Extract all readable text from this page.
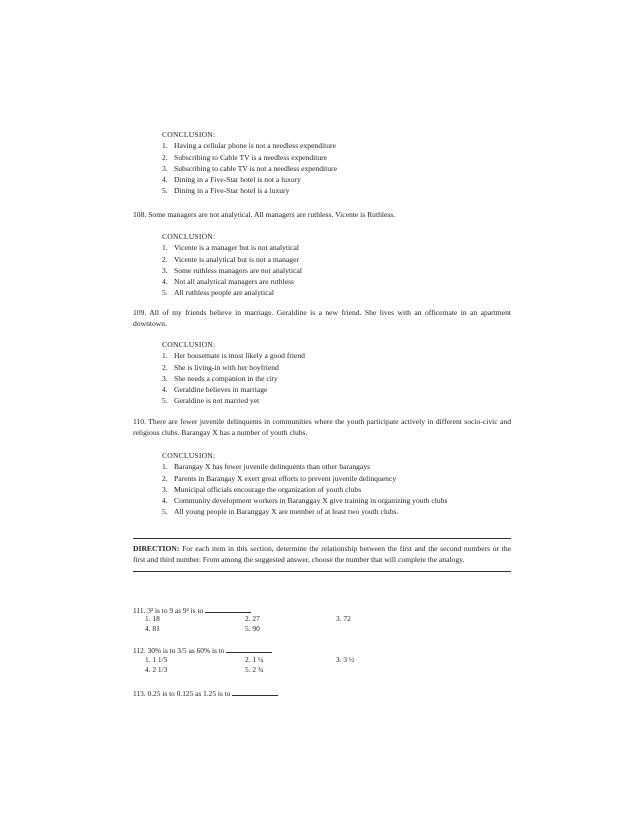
CONCLUSION:
1. Having a cellular phone is not a needless expenditure
2. Subscribing to Cable TV is a needless expenditure
3. Subscribing to cable TV is not a needless expenditure
4. Dining in a Five-Star hotel is not a luxury
5. Dining in a Five-Star hotel is a luxury
108. Some managers are not analytical. All managers are ruthless. Vicente is Ruthless.
CONCLUSION:
1. Vicente is a manager but is not analytical
2. Vicente is analytical but is not a manager
3. Some ruthless managers are not analytical
4. Not all analytical managers are ruthless
5. All ruthless people are analytical
109. All of my friends believe in marriage. Geraldine is a new friend. She lives with an officemate in an apartment downtown.
CONCLUSION:
1. Her housemate is most likely a good friend
2. She is living-in with her boyfriend
3. She needs a companion in the city
4. Geraldine believes in marriage
5. Geraldine is not married yet
110. There are fewer juvenile delinquents in communities where the youth participate actively in different socio-civic and religious clubs. Barangay X has a number of youth clubs.
CONCLUSION:
1. Barangay X has fewer juvenile delinquents than other barangays
2. Parents in Barangay X exert great efforts to prevent juvenile delinquency
3. Municipal officials encourage the organization of youth clubs
4. Community development workers in Baranggay X give training in organizing youth clubs
5. All young people in Baranggay X are member of at least two youth clubs.
DIRECTION: For each item in this section, determine the relationship between the first and the second numbers or the first and third number. From among the suggested answer, choose the number that will complete the analogy.
111. 3² is to 9 as 9² is to
1. 18	2. 27	3. 72
4. 81	5. 90
112. 30% is to 3/5 as 60% is to
1. 1 1/5	2. 1 ¼	3. 3 ½
4. 2 1/3	5. 2 ¾
113. 0.25 is to 0.125 as 1.25 is to
